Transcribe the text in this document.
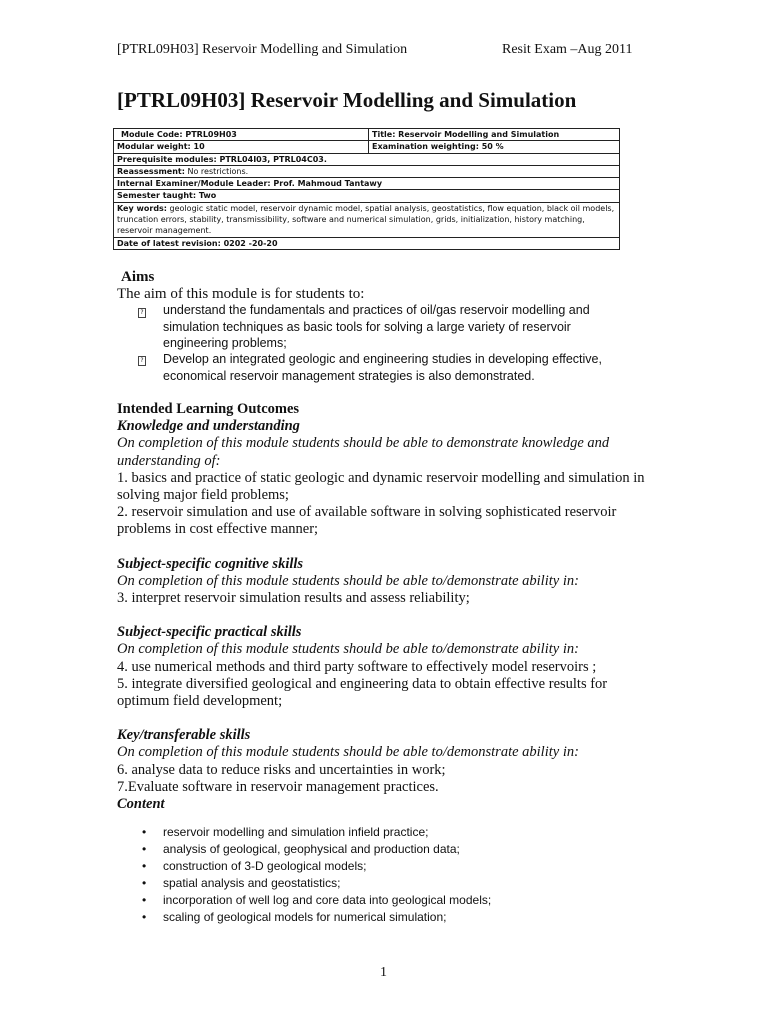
[PTRL09H03] Reservoir Modelling and Simulation	Resit Exam –Aug 2011
[PTRL09H03] Reservoir Modelling and Simulation
Module Code: PTRL09H03	Title: Reservoir Modelling and Simulation
Modular weight: 10	Examination weighting: 50 %
Prerequisite modules: PTRL04I03, PTRL04C03.	
Reassessment: No restrictions.	
Internal Examiner/Module Leader: Prof. Mahmoud Tantawy	
Semester taught: Two	
Key words: geologic static model, reservoir dynamic model, spatial analysis, geostatistics, flow equation, black oil models, truncation errors, stability, transmissibility, software and numerical simulation, grids, initialization, history matching, reservoir management.	
Date of latest revision: 0202 -20-20	
Aims
The aim of this module is for students to:
? understand the fundamentals and practices of oil/gas reservoir modelling and simulation techniques as basic tools for solving a large variety of reservoir engineering problems;
? Develop an integrated geologic and engineering studies in developing effective, economical reservoir management strategies is also demonstrated.

Intended Learning Outcomes

Knowledge and understanding

On completion of this module students should be able to demonstrate knowledge and understanding of:

1. basics and practice of static geologic and dynamic reservoir modelling and simulation in solving major field problems;

2. reservoir simulation and use of available software in solving sophisticated reservoir problems in cost effective manner;

Subject-specific cognitive skills

On completion of this module students should be able to/demonstrate ability in:

3. interpret reservoir simulation results and assess reliability;

Subject-specific practical skills

On completion of this module students should be able to/demonstrate ability in:

4. use numerical methods and third party software to effectively model reservoirs ;

5. integrate diversified geological and engineering data to obtain effective results for optimum field development;

Key/transferable skills

On completion of this module students should be able to/demonstrate ability in:

6. analyse data to reduce risks and uncertainties in work;

7.Evaluate software in reservoir management practices.

Content

• reservoir modelling and simulation infield practice;
• analysis of geological, geophysical and production data;
• construction of 3-D geological models;
• spatial analysis and geostatistics;
• incorporation of well log and core data into geological models;
• scaling of geological models for numerical simulation;
1
